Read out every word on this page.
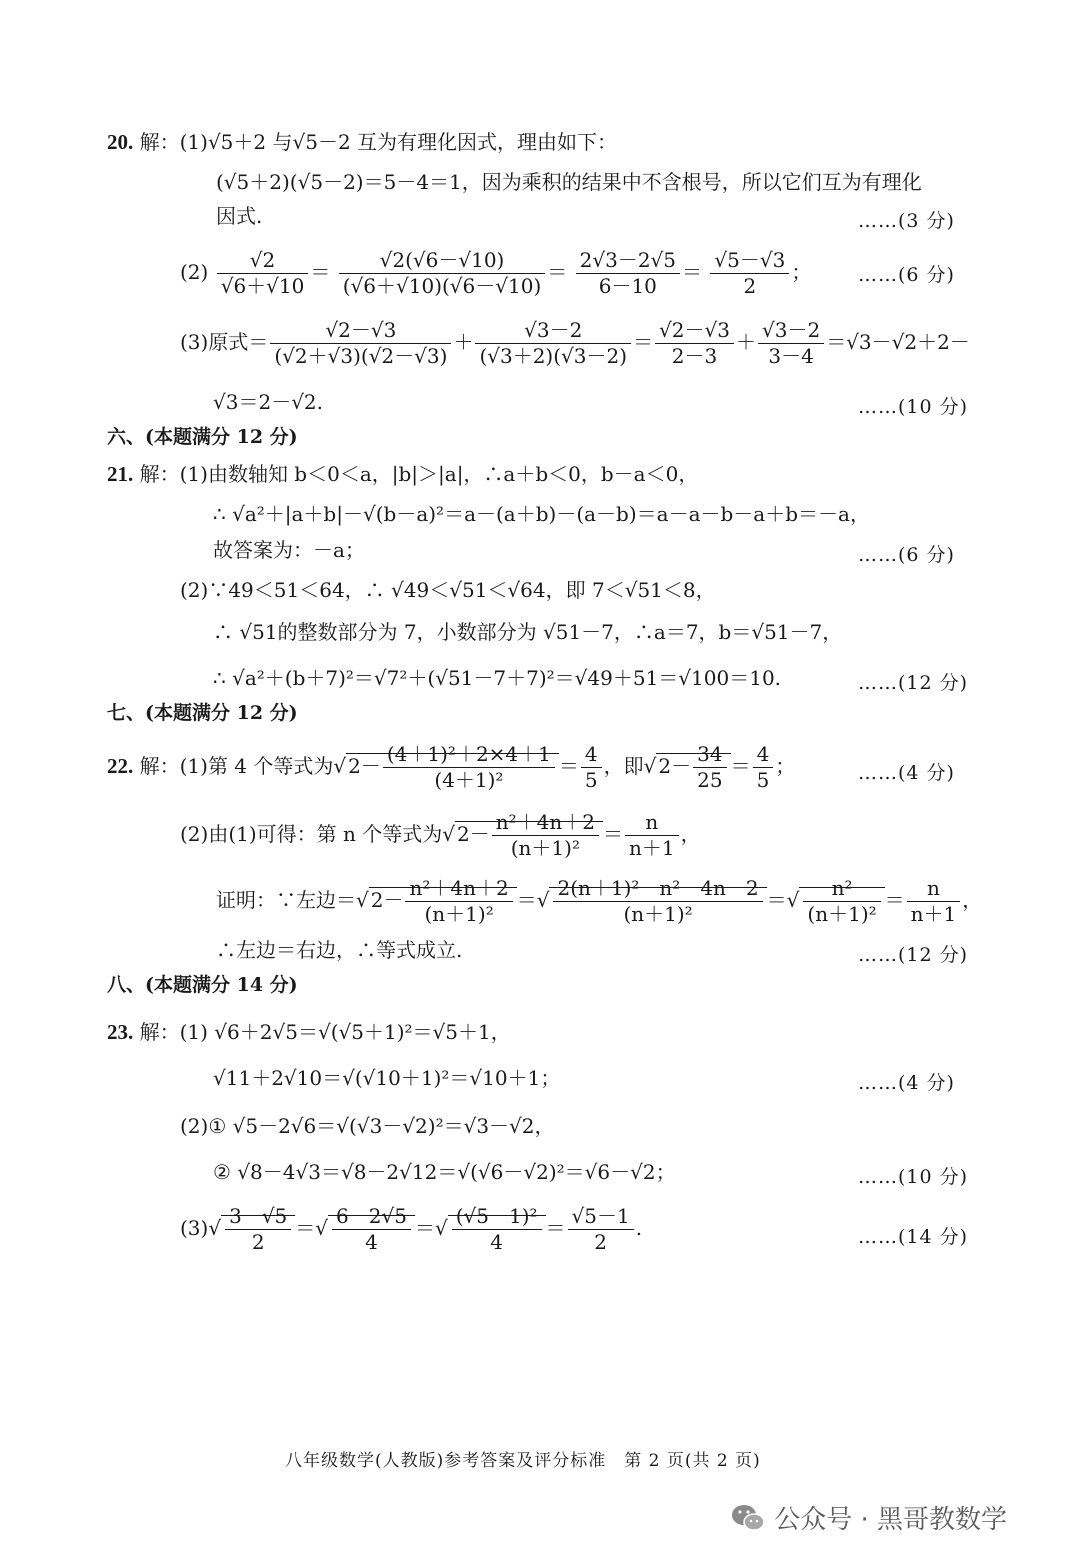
20. 解：(1)√5＋2 与√5－2 互为有理化因式，理由如下：
(√5＋2)(√5－2)＝5－4＝1，因为乘积的结果中不含根号，所以它们互为有理化
因式.	……(3 分)
$(2) \frac{√2}{√6+√10} = \frac{√2(√6-√10)}{(√6+√10)(√6-√10)} = \frac{2√3-2√5}{6-10} = \frac{√5-√3}{2}$ ； ……(6 分)
(3)原式＝ $\frac{√2-√3}{(√2+√3)(√2-√3)} + \frac{√3-2}{(√3+2)(√3-2)} = \frac{√2-√3}{2-3} + \frac{√3-2}{3-4} =√3-√2+2-$
√3＝2－√2.	……(10 分)
六、(本题满分 12 分)
21. 解：(1)由数轴知 b＜0＜a，|b|＞|a|，∴a＋b＜0，b－a＜0，
∴ √a²＋|a＋b|－√(b－a)²＝a－(a＋b)－(a－b)＝a－a－b－a＋b＝－a，
故答案为：－a；	……(6 分)
(2)∵49＜51＜64，∴ √49＜√51＜√64，即 7＜√51＜8，
∴ √51的整数部分为 7，小数部分为 √51－7，∴a＝7，b＝√51－7，
∴ √a²＋(b＋7)²＝√7²＋(√51－7＋7)²＝√49＋51＝√100＝10.	……(12 分)
七、(本题满分 12 分)
22. 解：(1)第 4 个等式为√ $2- \frac{\text{(4＋1)²＋2×4＋1}}{\text{(4＋1)²}} = \frac{4}{5}$ ，即√ $2- \frac{34}{25} = \frac{4}{5}$ ；	……(4 分)
(2)由(1)可得：第 n 个等式为√ $2- \frac{\text{n²＋4n＋2}}{\text{(n＋1)²}} = \frac{n}{n+1}$ ，
证明：∵左边＝√ $2- \frac{\text{n²＋4n＋2}}{\text{(n＋1)²}}$ ＝√ $\frac{\text{2(n＋1)²－n²－4n－2}}{\text{(n＋1)²}}$ ＝√ $\frac{\text{n²}}{\text{(n＋1)²}} = \frac{n}{n+1}$ ，
∴左边＝右边，∴等式成立.	……(12 分)
八、(本题满分 14 分)
23. 解：(1) √6＋2√5＝√(√5＋1)²＝√5＋1，
√11＋2√10＝√(√10＋1)²＝√10＋1；	……(4 分)
(2)① √5－2√6＝√(√3－√2)²＝√3－√2，
② √8－4√3＝√8－2√12＝√(√6－√2)²＝√6－√2；	……(10 分)
$(3)√ \frac{3-√5}{2}$ ＝√ $\frac{6-2√5}{4}$ ＝√ $\frac{\text{(√5－1)²}}{4} = \frac{√5-1}{2}$ .	……(14 分)
八年级数学(人教版)参考答案及评分标准　第 2 页(共 2 页)
公众号 · 黑哥教数学
